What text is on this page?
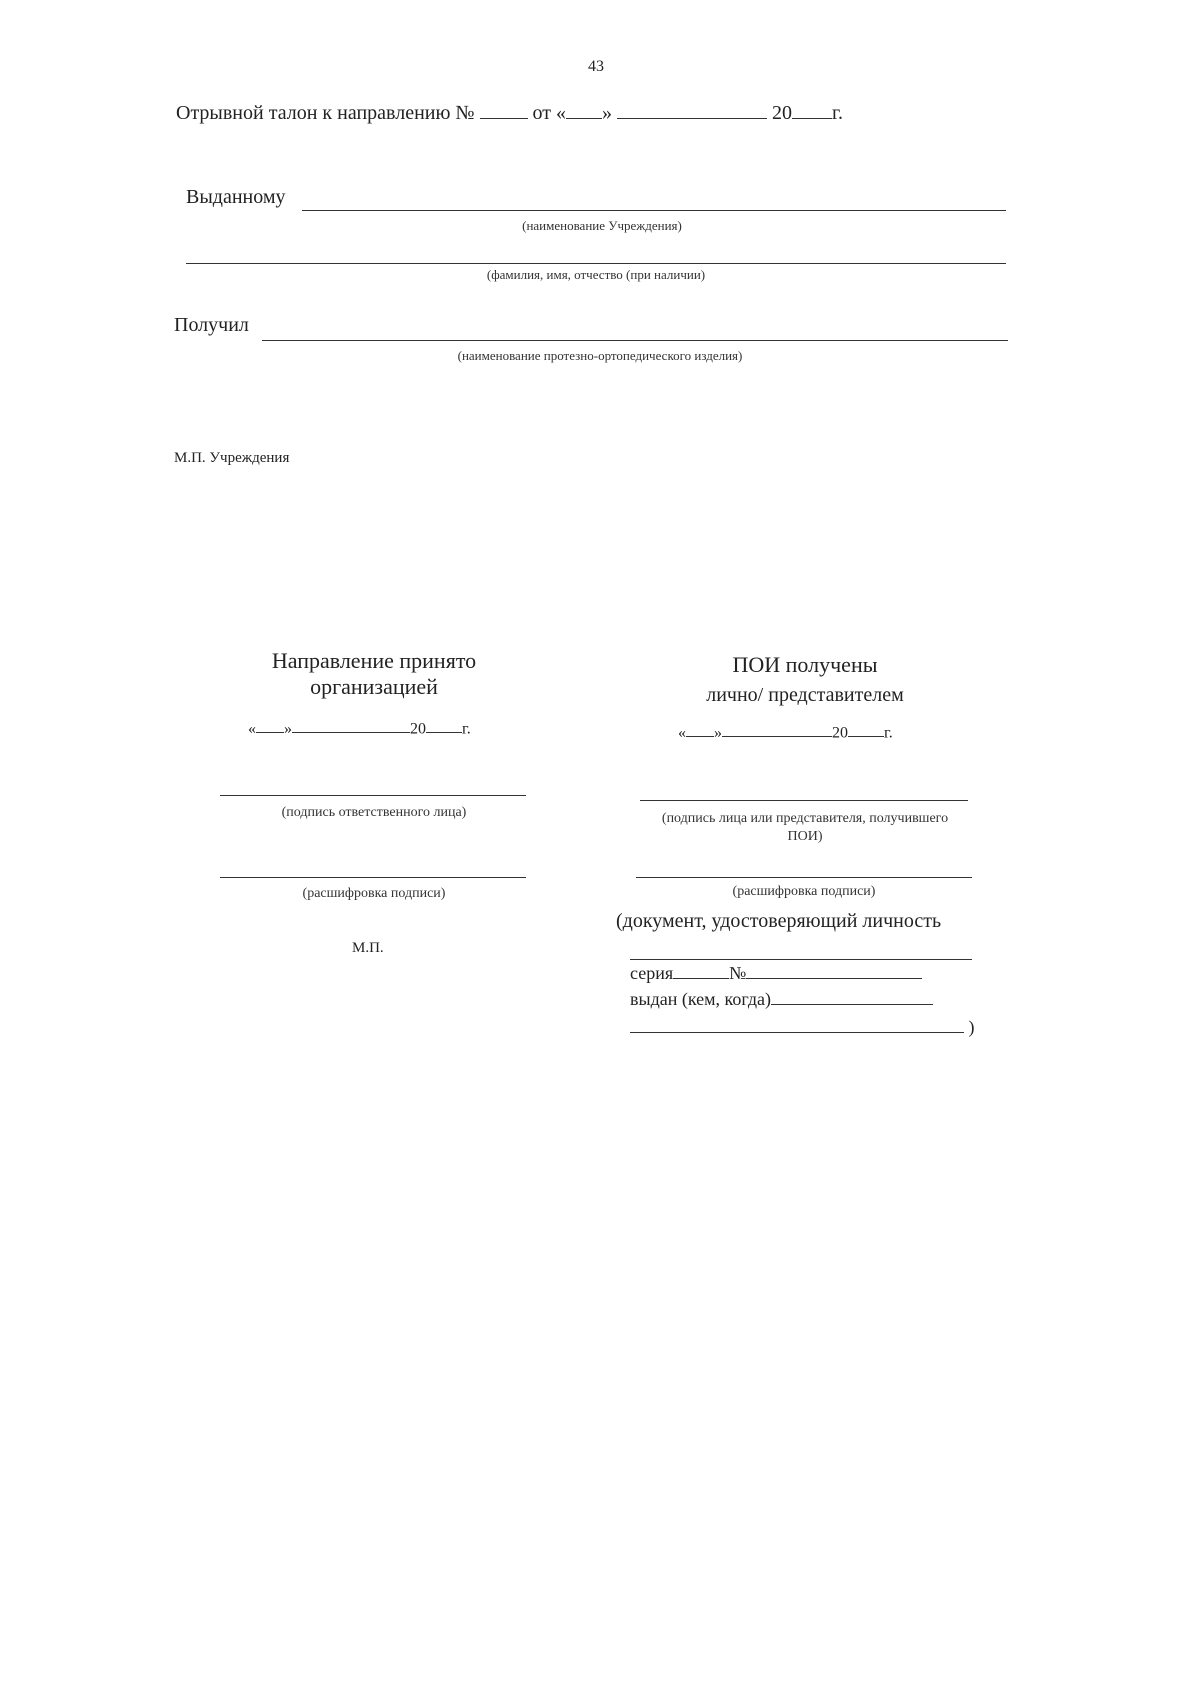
43
Отрывной талон к направлению №	от « »	20 г.
Выданному
(наименование Учреждения)
(фамилия, имя, отчество (при наличии)
Получил
(наименование протезно-ортопедического изделия)
М.П. Учреждения
Направление принято
организацией
« »	20 г.
(подпись ответственного лица)
(расшифровка подписи)
М.П.
ПОИ получены
лично/ представителем
« »	20 г.
(подпись лица или представителя, получившего
ПОИ)
(расшифровка подписи)
(документ, удостоверяющий личность
серия	№
выдан (кем, когда)
)
